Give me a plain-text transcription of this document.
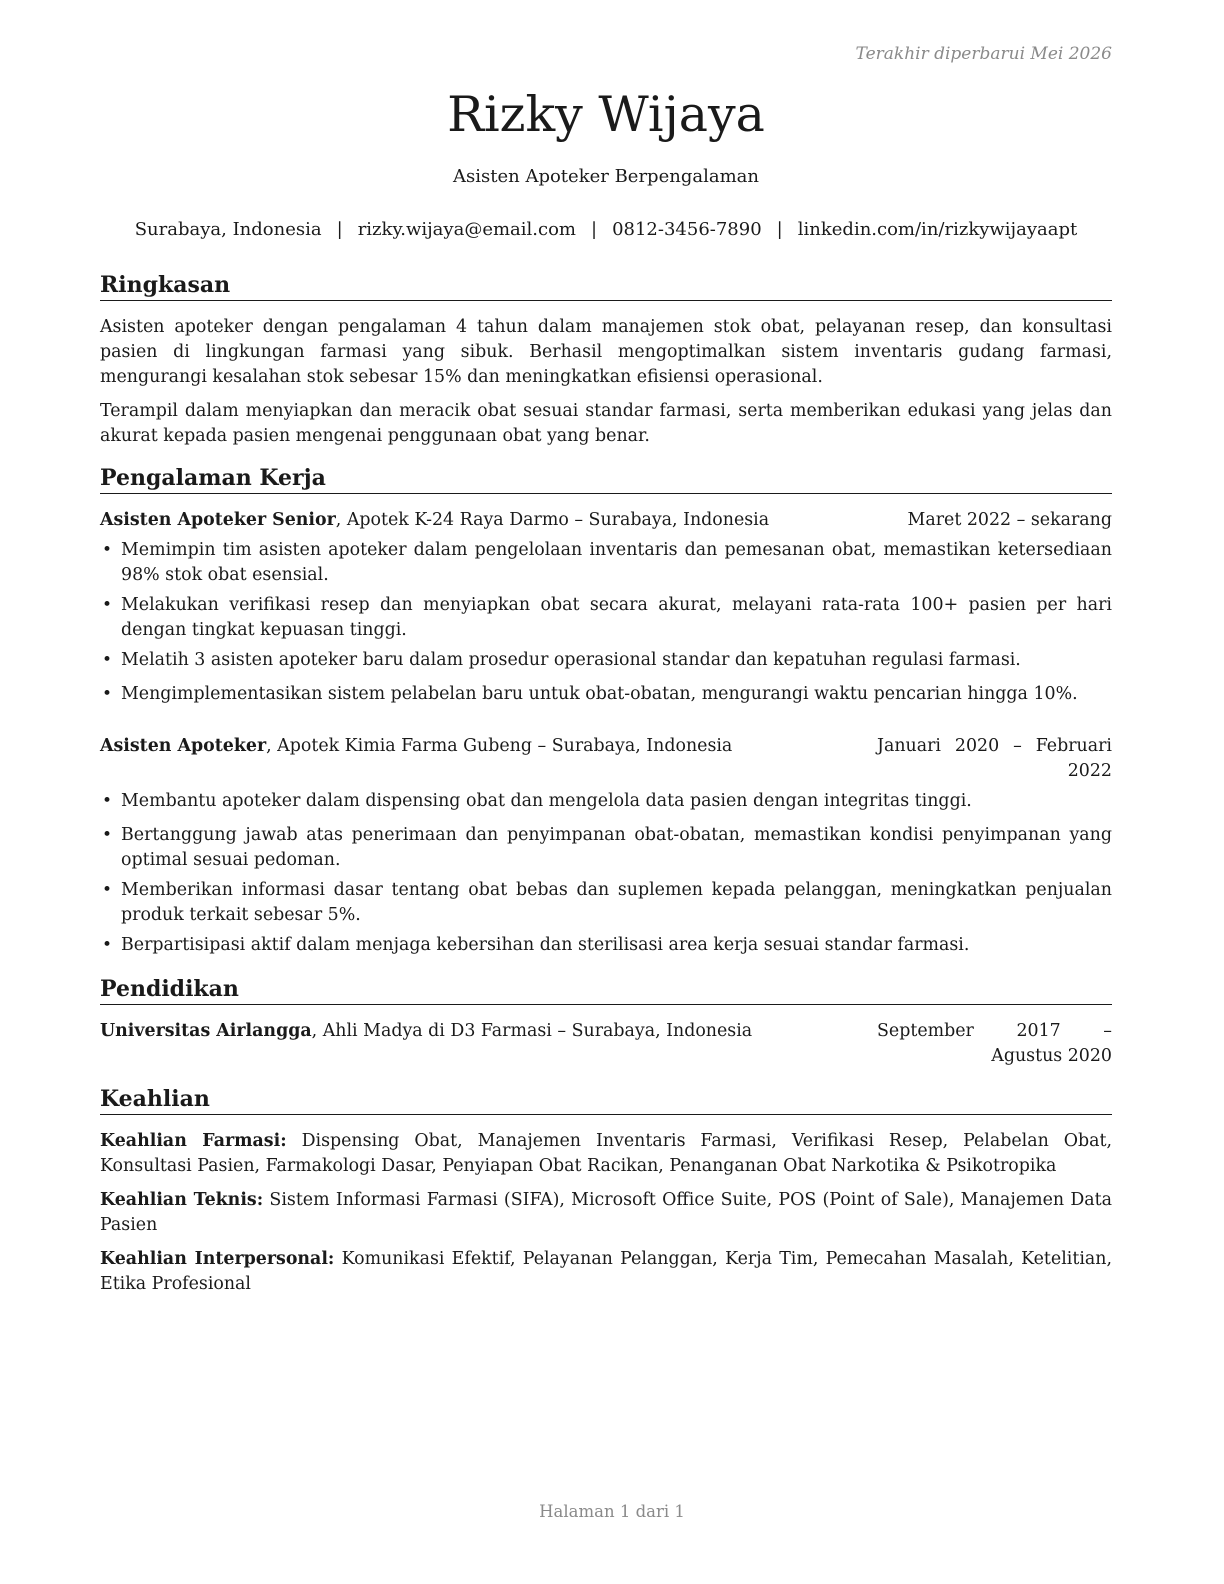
Terakhir diperbarui Mei 2026
Rizky Wijaya
Asisten Apoteker Berpengalaman
Surabaya, Indonesia | rizky.wijaya@email.com | 0812-3456-7890 | linkedin.com/in/rizkywijayaapt
Ringkasan

Asisten apoteker dengan pengalaman 4 tahun dalam manajemen stok obat, pelayanan resep, dan konsultasi pasien di lingkungan farmasi yang sibuk. Berhasil mengoptimalkan sistem inventaris gudang farmasi, mengurangi kesalahan stok sebesar 15% dan meningkatkan efisiensi operasional.

Terampil dalam menyiapkan dan meracik obat sesuai standar farmasi, serta memberikan edukasi yang jelas dan akurat kepada pasien mengenai penggunaan obat yang benar.

Pengalaman Kerja
Asisten Apoteker Senior, Apotek K-24 Raya Darmo – Surabaya, Indonesia	Maret 2022 – sekarang
• Memimpin tim asisten apoteker dalam pengelolaan inventaris dan pemesanan obat, memastikan ketersediaan 98% stok obat esensial.
• Melakukan verifikasi resep dan menyiapkan obat secara akurat, melayani rata-rata 100+ pasien per hari dengan tingkat kepuasan tinggi.
• Melatih 3 asisten apoteker baru dalam prosedur operasional standar dan kepatuhan regulasi farmasi.
• Mengimplementasikan sistem pelabelan baru untuk obat-obatan, mengurangi waktu pencarian hingga 10%.
Asisten Apoteker, Apotek Kimia Farma Gubeng – Surabaya, Indonesia	Januari 2020 – Februari 2022
• Membantu apoteker dalam dispensing obat dan mengelola data pasien dengan integritas tinggi.
• Bertanggung jawab atas penerimaan dan penyimpanan obat-obatan, memastikan kondisi penyimpanan yang optimal sesuai pedoman.
• Memberikan informasi dasar tentang obat bebas dan suplemen kepada pelanggan, meningkatkan penjualan produk terkait sebesar 5%.
• Berpartisipasi aktif dalam menjaga kebersihan dan sterilisasi area kerja sesuai standar farmasi.
Pendidikan
Universitas Airlangga, Ahli Madya di D3 Farmasi – Surabaya, Indonesia	September 2017 – Agustus 2020
Keahlian

Keahlian Farmasi: Dispensing Obat, Manajemen Inventaris Farmasi, Verifikasi Resep, Pelabelan Obat, Konsultasi Pasien, Farmakologi Dasar, Penyiapan Obat Racikan, Penanganan Obat Narkotika & Psikotropika

Keahlian Teknis: Sistem Informasi Farmasi (SIFA), Microsoft Office Suite, POS (Point of Sale), Manajemen Data Pasien

Keahlian Interpersonal: Komunikasi Efektif, Pelayanan Pelanggan, Kerja Tim, Pemecahan Masalah, Ketelitian, Etika Profesional

Halaman 1 dari 1
